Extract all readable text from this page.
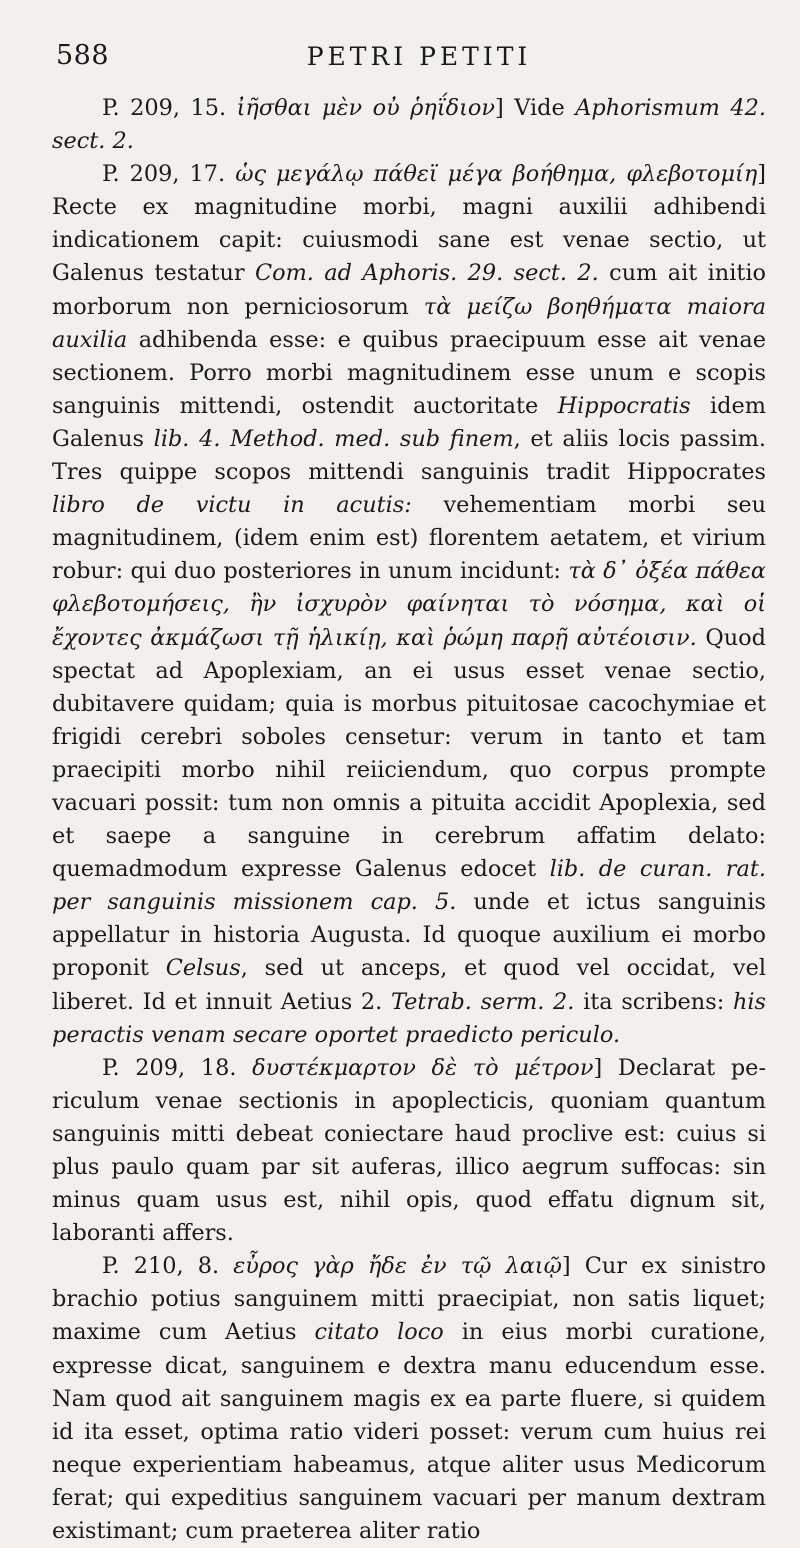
588	PETRI PETITI

P. 209, 15. ἰῆσθαι μὲν οὐ ῥηΐδιον] Vide Aphorismum 42. sect. 2.

P. 209, 17. ὡς μεγάλῳ πάθεϊ μέγα βοήθημα, φλεβοτομίη] Recte ex magnitudine morbi, magni auxilii adhibendi indicationem capit: cuiusmodi sane est venae sectio, ut Galenus testatur Com. ad Aphoris. 29. sect. 2. cum ait initio morborum non perniciosorum τὰ μείζω βοηθήματα maiora auxilia adhibenda esse: e quibus praecipuum esse ait venae sectionem. Porro morbi magnitudinem esse unum e scopis sanguinis mittendi, ostendit auctoritate Hippocratis idem Galenus lib. 4. Method. med. sub finem, et aliis locis passim. Tres quippe scopos mittendi sanguinis tradit Hippocrates libro de victu in acutis: vehementiam morbi seu magnitudinem, (idem enim est) florentem aetatem, et virium robur: qui duo posteriores in unum incidunt: τὰ δ᾽ ὀξέα πάθεα φλεβοτομήσεις, ἢν ἰσχυρὸν φαίνηται τὸ νόσημα, καὶ οἱ ἔχοντες ἀκμάζωσι τῇ ἡλικίῃ, καὶ ῥώμη παρῇ αὐτέοισιν. Quod spectat ad Apoplexiam, an ei usus esset venae sectio, dubitavere quidam; quia is morbus pituitosae cacochymiae et frigidi cerebri soboles censetur: verum in tanto et tam praecipiti morbo nihil reiiciendum, quo corpus prompte vacuari possit: tum non omnis a pituita accidit Apoplexia, sed et saepe a sanguine in cerebrum affatim delato: quemadmodum expresse Galenus edocet lib. de curan. rat. per sanguinis missionem cap. 5. unde et ictus sanguinis appellatur in historia Augusta. Id quoque auxilium ei morbo proponit Celsus, sed ut anceps, et quod vel occidat, vel liberet. Id et innuit Aetius 2. Tetrab. serm. 2. ita scribens: his peractis venam secare oportet praedicto periculo.

P. 209, 18. δυστέκμαρτον δὲ τὸ μέτρον] Declarat periculum venae sectionis in apoplecticis, quoniam quantum sanguinis mitti debeat coniectare haud proclive est: cuius si plus paulo quam par sit auferas, illico aegrum suffocas: sin minus quam usus est, nihil opis, quod effatu dignum sit, laboranti affers.

P. 210, 8. εὖρος γὰρ ἤδε ἐν τῷ λαιῷ] Cur ex sinistro brachio potius sanguinem mitti praecipiat, non satis liquet; maxime cum Aetius citato loco in eius morbi curatione, expresse dicat, sanguinem e dextra manu educendum esse. Nam quod ait sanguinem magis ex ea parte fluere, si quidem id ita esset, optima ratio videri posset: verum cum huius rei neque experientiam habeamus, atque aliter usus Medicorum ferat; qui expeditius sanguinem vacuari per manum dextram existimant; cum praeterea aliter ratio
